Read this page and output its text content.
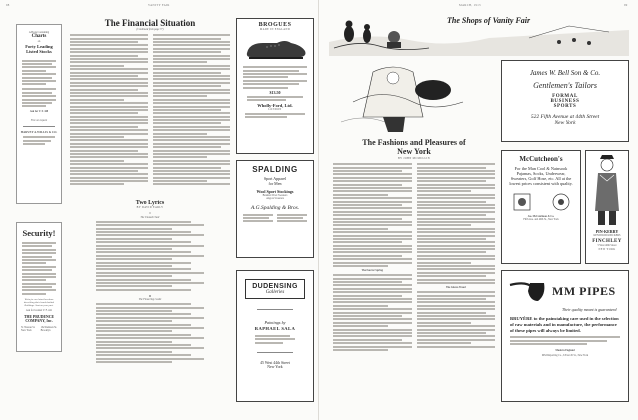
98	VANITY FAIR
A Book Containing
Charts
on
Forty Leading
Listed Stocks
Ask for V. F. 448
Free on request
HARVEY A.WILLIS & CO.
Security!
Write for our latest brochure describing their bonds-behind Buildings. Sent on your part.
Ask for booklet V. F. 441
THE PRUDENCE COMPANY, Inc.
31 Nassau St.
New York
162 Remsen St.
Brooklyn
The Financial Situation
(Continued from page 77)
Two Lyrics
BY DAVID EARLY
I
The Unused Chair
II
The Flowering Castle
BROGUES
MADE IN ENGLAND
$13.50
Wholly-Ford, Ltd.
LONDON
SPALDING
Sport Apparel
for Men
Wool Sport Stockings
Brushed Wool Sweaters
Angora Sweaters
A.G.Spalding & Bros.
DUDENSING
Galleries
Paintings by
RAPHAEL SALA
45 West 44th Street
New York
MARCH, 1913	99
The Shops of Vanity Fair
The Fashions and Pleasures of
New York
BY JOHN MCMULLIN
The Fan for Spring
The Gloves Tread
James W. Bell Son & Co.
Gentlemen's Tailors
FORMAL
BUSINESS
SPORTS
522 Fifth Avenue at 44th Street
New York
McCutcheon's
For the Man Cool & Nainsook Pajamas, Socks, Underwear, Sweaters, Golf Hose, etc. All at the lowest prices consistent with quality.
Jas. McCutcheon & Co.
Fifth Ave. and 49th St., New York
PIN-KERRY
KENWOOD KNICKERS
FINCHLEY
5 West 46th Street
NEW YORK
MM PIPES
Their quality meant is guaranteed
BRUYÈRE to the painstaking care used in the selection of raw materials and in manufacture, the performance of these pipes will always be limited.
Made in England
MM Importing Co., 6 East 45 St., New York
